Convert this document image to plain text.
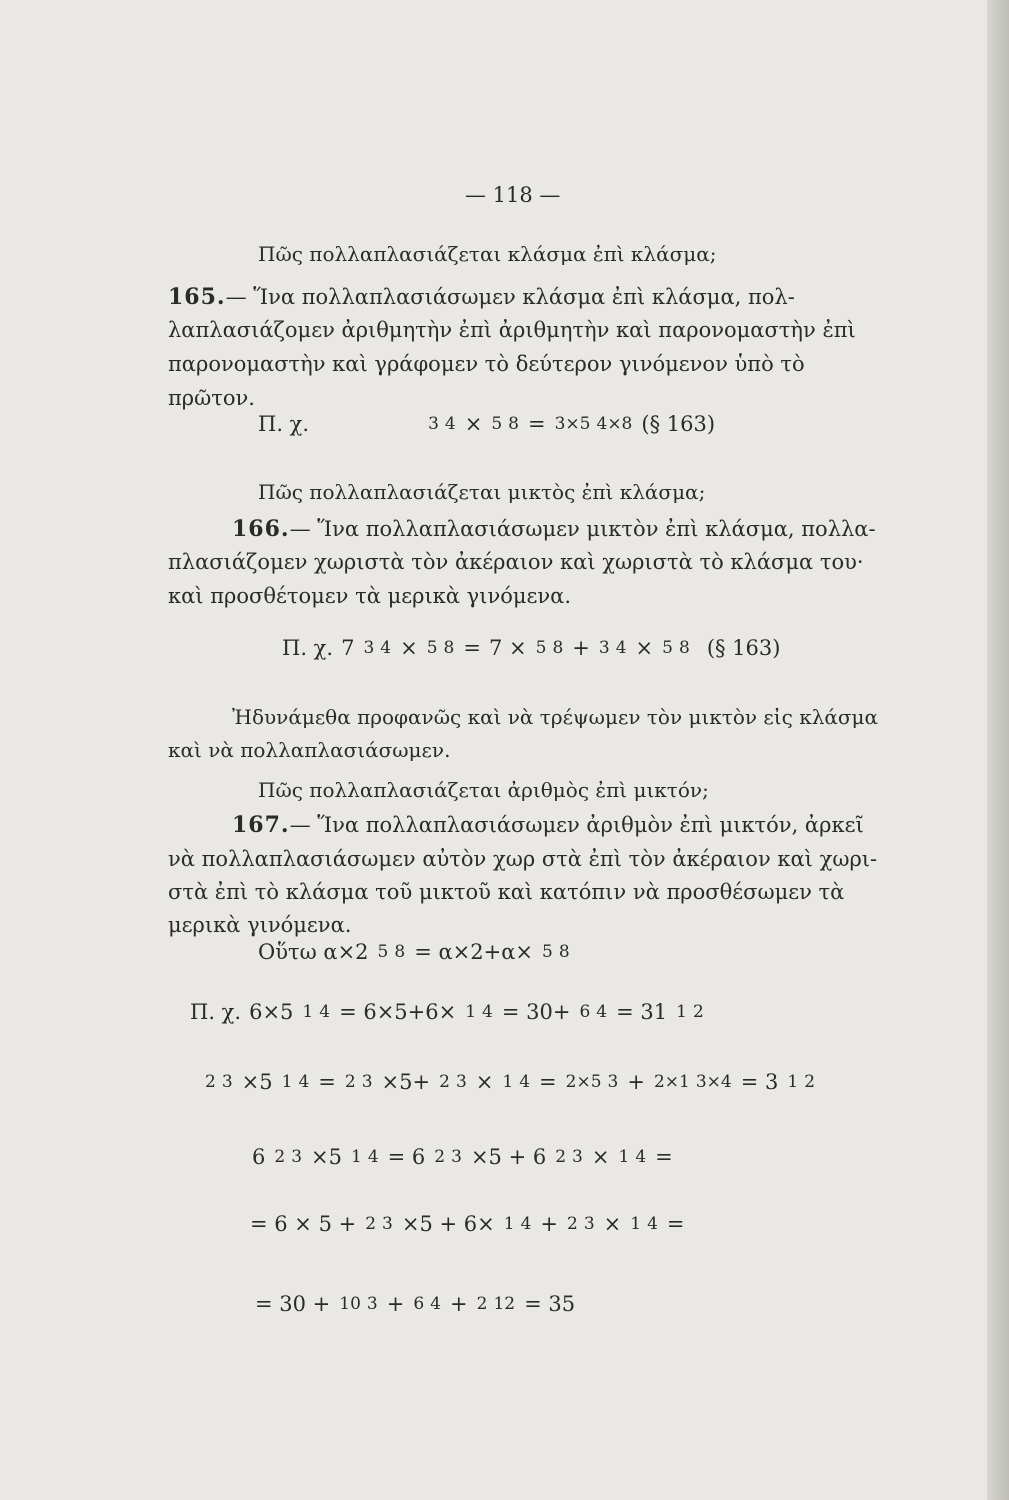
— 118 —
Πῶς πολλαπλασιάζεται κλάσμα ἐπὶ κλάσμα;
165.— Ἵνα πολλαπλασιάσωμεν κλάσμα ἐπὶ κλάσμα, πολ-
λαπλασιάζομεν ἀριθμητὴν ἐπὶ ἀριθμητὴν καὶ παρονομαστὴν ἐπὶ
παρονομαστὴν καὶ γράφομεν τὸ δεύτερον γινόμενον ὑπὸ τὸ
πρῶτον.
Π. χ.	3 4 × 5 8 = 3×5 4×8 (§ 163)
Πῶς πολλαπλασιάζεται μικτὸς ἐπὶ κλάσμα;
166.— Ἵνα πολλαπλασιάσωμεν μικτὸν ἐπὶ κλάσμα, πολλα-
πλασιάζομεν χωριστὰ τὸν ἀκέραιον καὶ χωριστὰ τὸ κλάσμα του·
καὶ προσθέτομεν τὰ μερικὰ γινόμενα.
Π. χ. 7 3 4 × 5 8 = 7 × 5 8 + 3 4 × 5 8 (§ 163)
Ἠδυνάμεθα προφανῶς καὶ νὰ τρέψωμεν τὸν μικτὸν εἰς κλάσμα
καὶ νὰ πολλαπλασιάσωμεν.
Πῶς πολλαπλασιάζεται ἀριθμὸς ἐπὶ μικτόν;
167.— Ἵνα πολλαπλασιάσωμεν ἀριθμὸν ἐπὶ μικτόν, ἀρκεῖ
νὰ πολλαπλασιάσωμεν αὐτὸν χωρ στὰ ἐπὶ τὸν ἀκέραιον καὶ χωρι-
στὰ ἐπὶ τὸ κλάσμα τοῦ μικτοῦ καὶ κατόπιν νὰ προσθέσωμεν τὰ
μερικὰ γινόμενα.
Οὕτω α×2 5 8 = α×2+α× 5 8
Π. χ. 6×5 1 4 = 6×5+6× 1 4 = 30+ 6 4 = 31 1 2
2 3 ×5 1 4 = 2 3 ×5+ 2 3 × 1 4 = 2×5 3 + 2×1 3×4 = 3 1 2
6 2 3 ×5 1 4 = 6 2 3 ×5 + 6 2 3 × 1 4 =
= 6 × 5 + 2 3 ×5 + 6× 1 4 + 2 3 × 1 4 =
= 30 + 10 3 + 6 4 + 2 12 = 35
